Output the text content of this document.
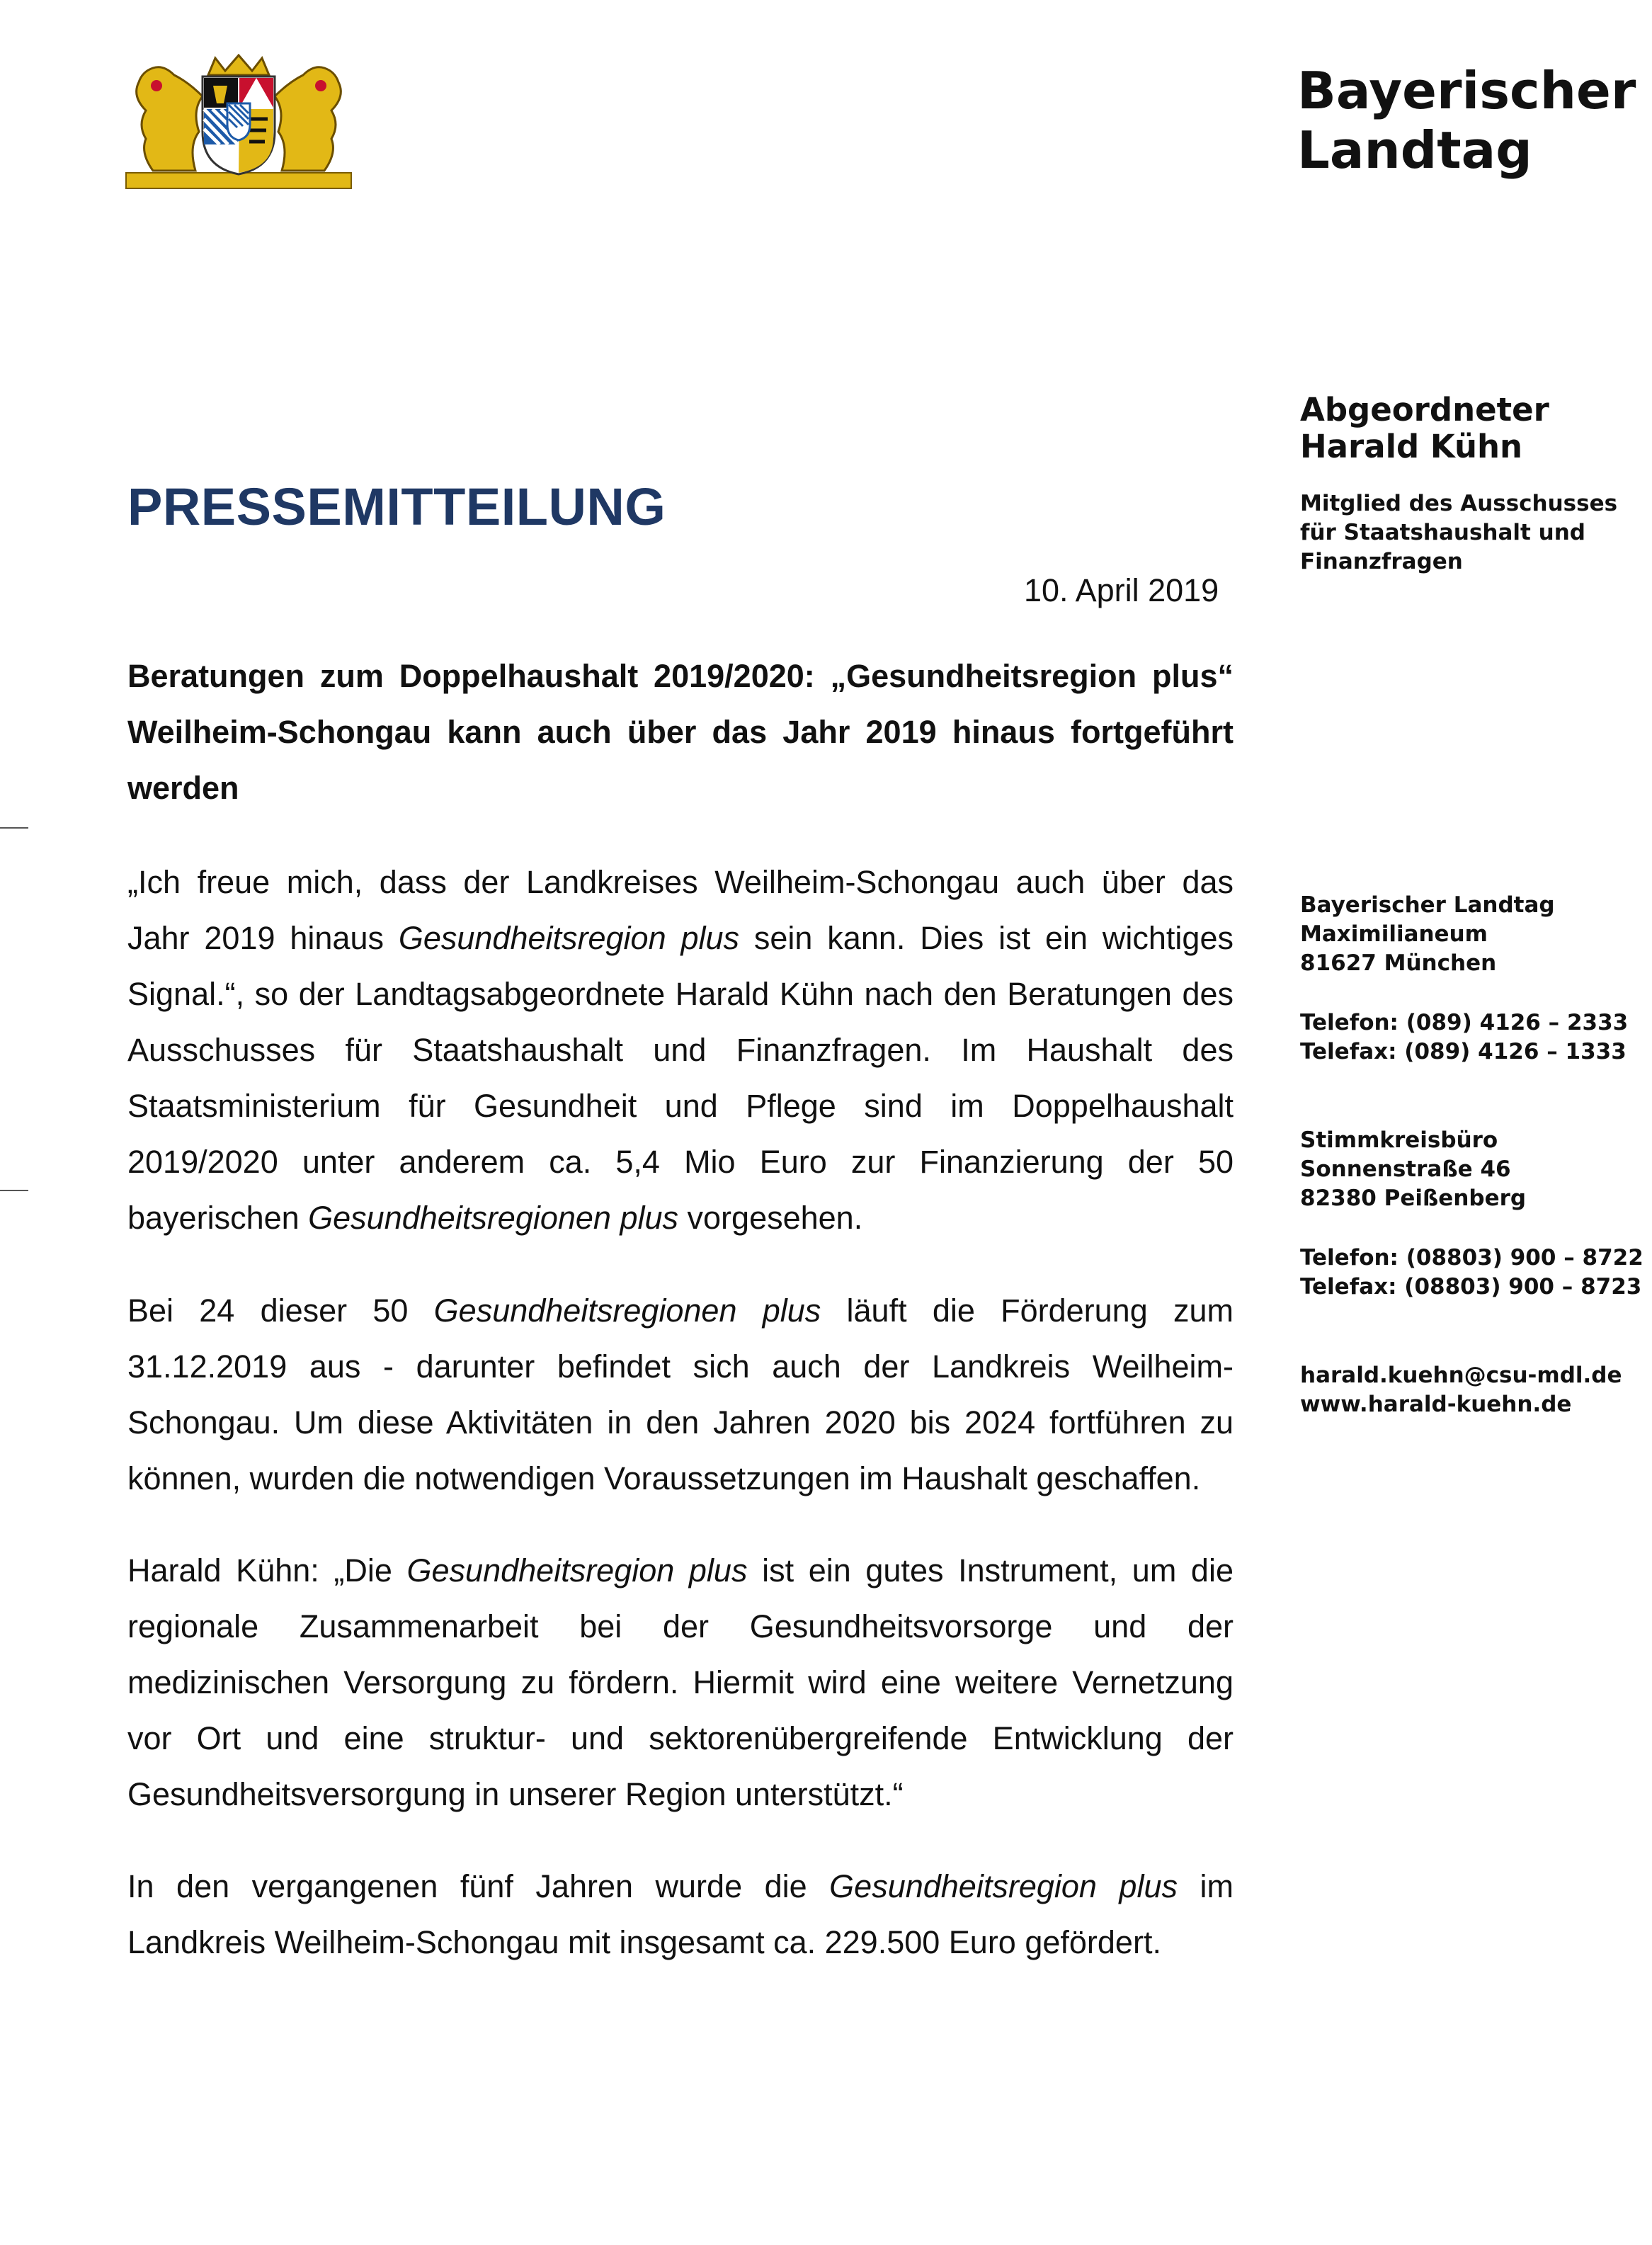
Bayerischer
Landtag
Abgeordneter
Harald Kühn
Mitglied des Ausschusses
für Staatshaushalt und
Finanzfragen
PRESSEMITTEILUNG
10. April 2019
Beratungen zum Doppelhaushalt 2019/2020: „Gesundheitsregion plus“ Weilheim-Schongau kann auch über das Jahr 2019 hinaus fortgeführt werden
„Ich freue mich, dass der Landkreises Weilheim-Schongau auch über das Jahr 2019 hinaus Gesundheitsregion plus sein kann. Dies ist ein wichtiges Signal.“, so der Landtagsabgeordnete Harald Kühn nach den Beratungen des Ausschusses für Staatshaushalt und Finanzfragen. Im Haushalt des Staatsministerium für Gesundheit und Pflege sind im Doppelhaushalt 2019/2020 unter anderem ca. 5,4 Mio Euro zur Finanzierung der 50 bayerischen Gesundheitsregionen plus vorgesehen.
Bei 24 dieser 50 Gesundheitsregionen plus läuft die Förderung zum 31.12.2019 aus - darunter befindet sich auch der Landkreis Weilheim-Schongau. Um diese Aktivitäten in den Jahren 2020 bis 2024 fortführen zu können, wurden die notwendigen Voraussetzungen im Haushalt geschaffen.
Harald Kühn: „Die Gesundheitsregion plus ist ein gutes Instrument, um die regionale Zusammenarbeit bei der Gesundheitsvorsorge und der medizinischen Versorgung zu fördern. Hiermit wird eine weitere Vernetzung vor Ort und eine struktur- und sektorenübergreifende Entwicklung der Gesundheitsversorgung in unserer Region unterstützt.“
In den vergangenen fünf Jahren wurde die Gesundheitsregion plus im Landkreis Weilheim-Schongau mit insgesamt ca. 229.500 Euro gefördert.
Bayerischer Landtag
Maximilianeum
81627 München
Telefon: (089) 4126 – 2333
Telefax: (089) 4126 – 1333
Stimmkreisbüro
Sonnenstraße 46
82380 Peißenberg
Telefon: (08803) 900 – 8722
Telefax: (08803) 900 – 8723
harald.kuehn@csu-mdl.de
www.harald-kuehn.de
